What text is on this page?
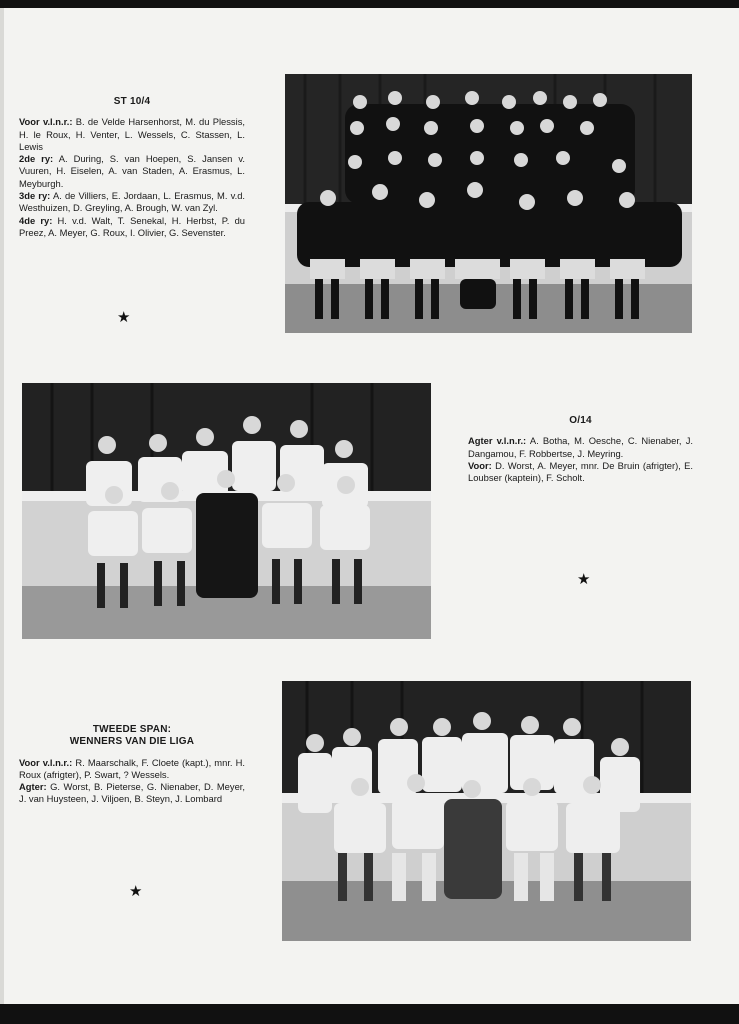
ST 10/4

Voor v.l.n.r.: B. de Velde Harsenhorst, M. du Plessis, H. le Roux, H. Venter, L. Wessels, C. Stassen, L. Lewis

2de ry: A. During, S. van Hoepen, S. Jansen v. Vuuren, H. Eiselen, A. van Staden, A. Erasmus, L. Meyburgh.

3de ry: A. de Villiers, E. Jordaan, L. Erasmus, M. v.d. Westhuizen, D. Greyling, A. Brough, W. van Zyl.

4de ry: H. v.d. Walt, T. Senekal, H. Herbst, P. du Preez, A. Meyer, G. Roux, I. Olivier, G. Sevenster.

★
O/14

Agter v.l.n.r.: A. Botha, M. Oesche, C. Nienaber, J. Dangamou, F. Robbertse, J. Meyring.

Voor: D. Worst, A. Meyer, mnr. De Bruin (afrigter), E. Loubser (kaptein), F. Scholt.

★
TWEEDE SPAN:
WENNERS VAN DIE LIGA

Voor v.l.n.r.: R. Maarschalk, F. Cloete (kapt.), mnr. H. Roux (afrigter), P. Swart, ? Wessels.

Agter: G. Worst, B. Pieterse, G. Nienaber, D. Meyer, J. van Huysteen, J. Viljoen, B. Steyn, J. Lombard

★
